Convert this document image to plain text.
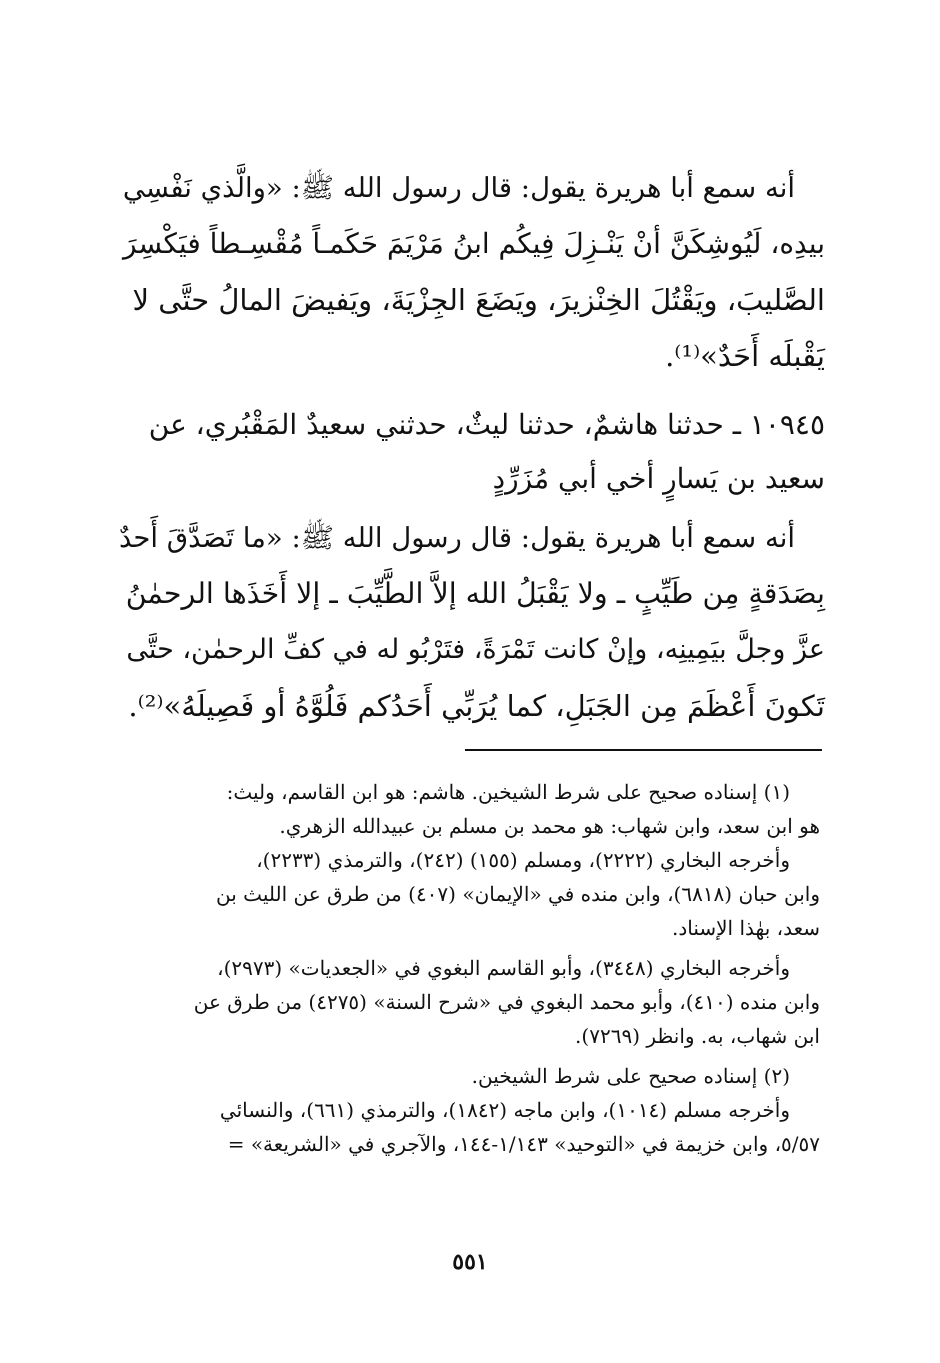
أنه سمع أبا هريرة يقول: قال رسول الله ﷺ: «والَّذي نَفْسِي
بيدِه، لَيُوشِكَنَّ أنْ يَنْـزِلَ فِيكُم ابنُ مَرْيَمَ حَكَمـاً مُقْسِـطاً فيَكْسِرَ
الصَّليبَ، ويَقْتُلَ الخِنْزيرَ، ويَضَعَ الجِزْيَةَ، ويَفيضَ المالُ حتَّى لا
يَقْبلَه أَحَدٌ»⁽¹⁾.
١٠٩٤٥ ـ حدثنا هاشمٌ، حدثنا ليثٌ، حدثني سعيدٌ المَقْبُري، عن
سعيد بن يَسارٍ أخي أبي مُزَرِّدٍ
أنه سمع أبا هريرة يقول: قال رسول الله ﷺ: «ما تَصَدَّقَ أَحدٌ
بِصَدَقةٍ مِن طَيِّبٍ ـ ولا يَقْبَلُ الله إلاَّ الطَّيِّبَ ـ إلا أَخَذَها الرحمٰنُ
عزَّ وجلَّ بيَمِينِه، وإنْ كانت تَمْرَةً، فتَرْبُو له في كفِّ الرحمٰن، حتَّى
تَكونَ أَعْظَمَ مِن الجَبَلِ، كما يُرَبِّي أَحَدُكم فَلُوَّهُ أو فَصِيلَهُ»⁽²⁾.
(١) إسناده صحيح على شرط الشيخين. هاشم: هو ابن القاسم، وليث:
هو ابن سعد، وابن شهاب: هو محمد بن مسلم بن عبيدالله الزهري.
وأخرجه البخاري (٢٢٢٢)، ومسلم (١٥٥) (٢٤٢)، والترمذي (٢٢٣٣)،
وابن حبان (٦٨١٨)، وابن منده في «الإيمان» (٤٠٧) من طرق عن الليث بن
سعد، بهٰذا الإسناد.
وأخرجه البخاري (٣٤٤٨)، وأبو القاسم البغوي في «الجعديات» (٢٩٧٣)،
وابن منده (٤١٠)، وأبو محمد البغوي في «شرح السنة» (٤٢٧٥) من طرق عن
ابن شهاب، به. وانظر (٧٢٦٩).
(٢) إسناده صحيح على شرط الشيخين.
وأخرجه مسلم (١٠١٤)، وابن ماجه (١٨٤٢)، والترمذي (٦٦١)، والنسائي
٥/٥٧، وابن خزيمة في «التوحيد» ١/١٤٣-١٤٤، والآجري في «الشريعة» =
٥٥١
